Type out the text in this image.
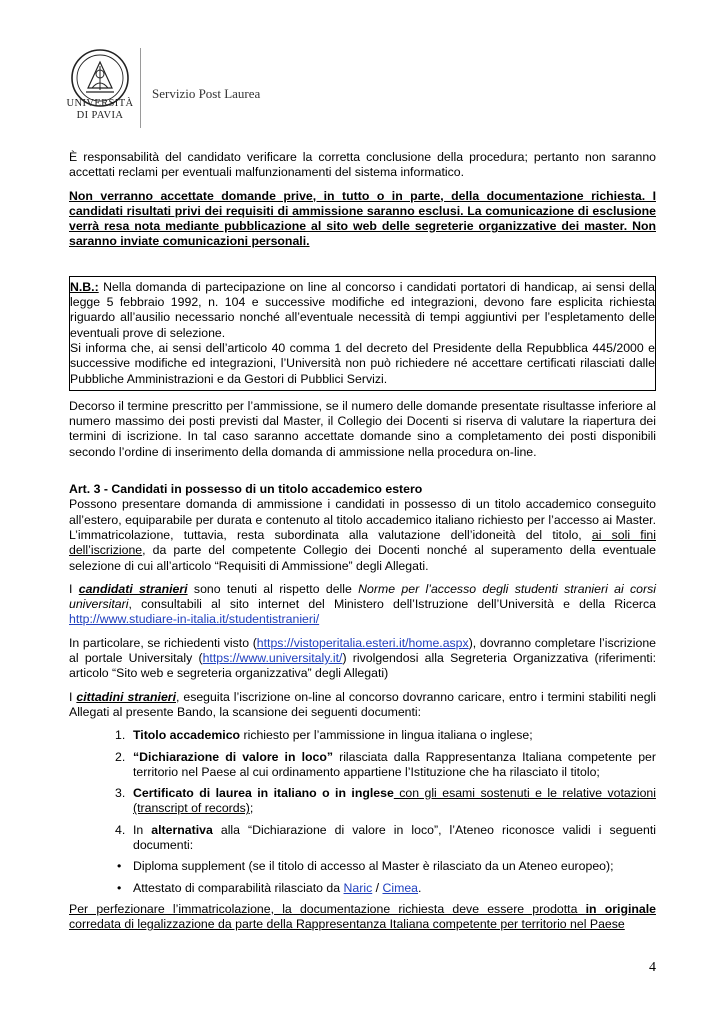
UNIVERSITÀ
DI PAVIA
Servizio Post Laurea

È responsabilità del candidato verificare la corretta conclusione della procedura; pertanto non saranno accettati reclami per eventuali malfunzionamenti del sistema informatico.

Non verranno accettate domande prive, in tutto o in parte, della documentazione richiesta. I candidati risultati privi dei requisiti di ammissione saranno esclusi. La comunicazione di esclusione verrà resa nota mediante pubblicazione al sito web delle segreterie organizzative dei master. Non saranno inviate comunicazioni personali.

N.B.: Nella domanda di partecipazione on line al concorso i candidati portatori di handicap, ai sensi della legge 5 febbraio 1992, n. 104 e successive modifiche ed integrazioni, devono fare esplicita richiesta riguardo all’ausilio necessario nonché all’eventuale necessità di tempi aggiuntivi per l’espletamento delle eventuali prove di selezione.

Si informa che, ai sensi dell’articolo 40 comma 1 del decreto del Presidente della Repubblica 445/2000 e successive modifiche ed integrazioni, l’Università non può richiedere né accettare certificati rilasciati dalle Pubbliche Amministrazioni e da Gestori di Pubblici Servizi.

Decorso il termine prescritto per l’ammissione, se il numero delle domande presentate risultasse inferiore al numero massimo dei posti previsti dal Master, il Collegio dei Docenti si riserva di valutare la riapertura dei termini di iscrizione. In tal caso saranno accettate domande sino a completamento dei posti disponibili secondo l’ordine di inserimento della domanda di ammissione nella procedura on-line.

Art. 3 - Candidati in possesso di un titolo accademico estero

Possono presentare domanda di ammissione i candidati in possesso di un titolo accademico conseguito all’estero, equiparabile per durata e contenuto al titolo accademico italiano richiesto per l’accesso ai Master. L’immatricolazione, tuttavia, resta subordinata alla valutazione dell’idoneità del titolo, ai soli fini dell’iscrizione, da parte del competente Collegio dei Docenti nonché al superamento della eventuale selezione di cui all’articolo “Requisiti di Ammissione” degli Allegati.

I candidati stranieri sono tenuti al rispetto delle Norme per l’accesso degli studenti stranieri ai corsi universitari, consultabili al sito internet del Ministero dell’Istruzione dell’Università e della Ricerca http://www.studiare-in-italia.it/studentistranieri/

In particolare, se richiedenti visto (https://vistoperitalia.esteri.it/home.aspx), dovranno completare l’iscrizione al portale Universitaly (https://www.universitaly.it/) rivolgendosi alla Segreteria Organizzativa (riferimenti: articolo “Sito web e segreteria organizzativa” degli Allegati)

I cittadini stranieri, eseguita l’iscrizione on-line al concorso dovranno caricare, entro i termini stabiliti negli Allegati al presente Bando, la scansione dei seguenti documenti:

1. Titolo accademico richiesto per l’ammissione in lingua italiana o inglese;
2. “Dichiarazione di valore in loco” rilasciata dalla Rappresentanza Italiana competente per territorio nel Paese al cui ordinamento appartiene l’Istituzione che ha rilasciato il titolo;
3. Certificato di laurea in italiano o in inglese con gli esami sostenuti e le relative votazioni (transcript of records);
4. In alternativa alla “Dichiarazione di valore in loco”, l’Ateneo riconosce validi i seguenti documenti:
• Diploma supplement (se il titolo di accesso al Master è rilasciato da un Ateneo europeo);
• Attestato di comparabilità rilasciato da Naric / Cimea.

Per perfezionare l’immatricolazione, la documentazione richiesta deve essere prodotta in originale corredata di legalizzazione da parte della Rappresentanza Italiana competente per territorio nel Paese

4
